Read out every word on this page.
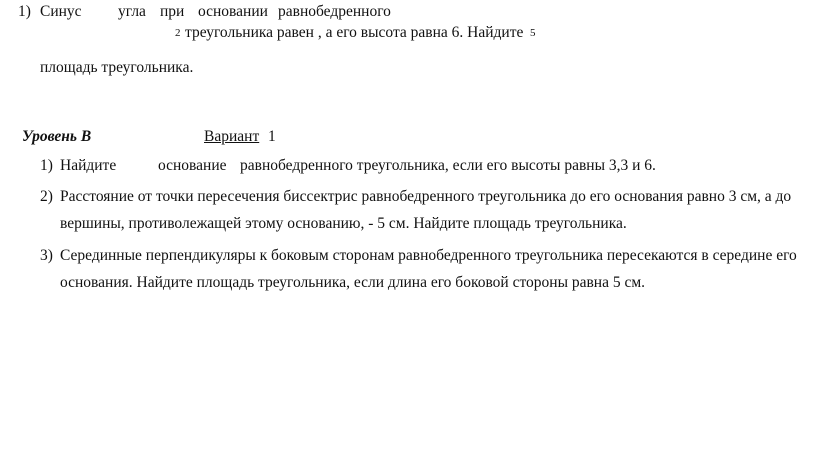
1) Синус угла при основании равнобедренного
2 треугольника равен , а его высота равна 6. Найдите 5
площадь треугольника.
Уровень В	Вариант 1
1) Найдите	основание равнобедренного треугольника, если его высоты равны 3,3 и 6.
2) Расстояние от точки пересечения биссектрис равнобедренного треугольника до его основания равно 3 см, а до
вершины, противолежащей этому основанию, - 5 см. Найдите площадь треугольника.
3) Серединные перпендикуляры к боковым сторонам равнобедренного треугольника пересекаются в середине его
основания. Найдите площадь треугольника, если длина его боковой стороны равна 5 см.
